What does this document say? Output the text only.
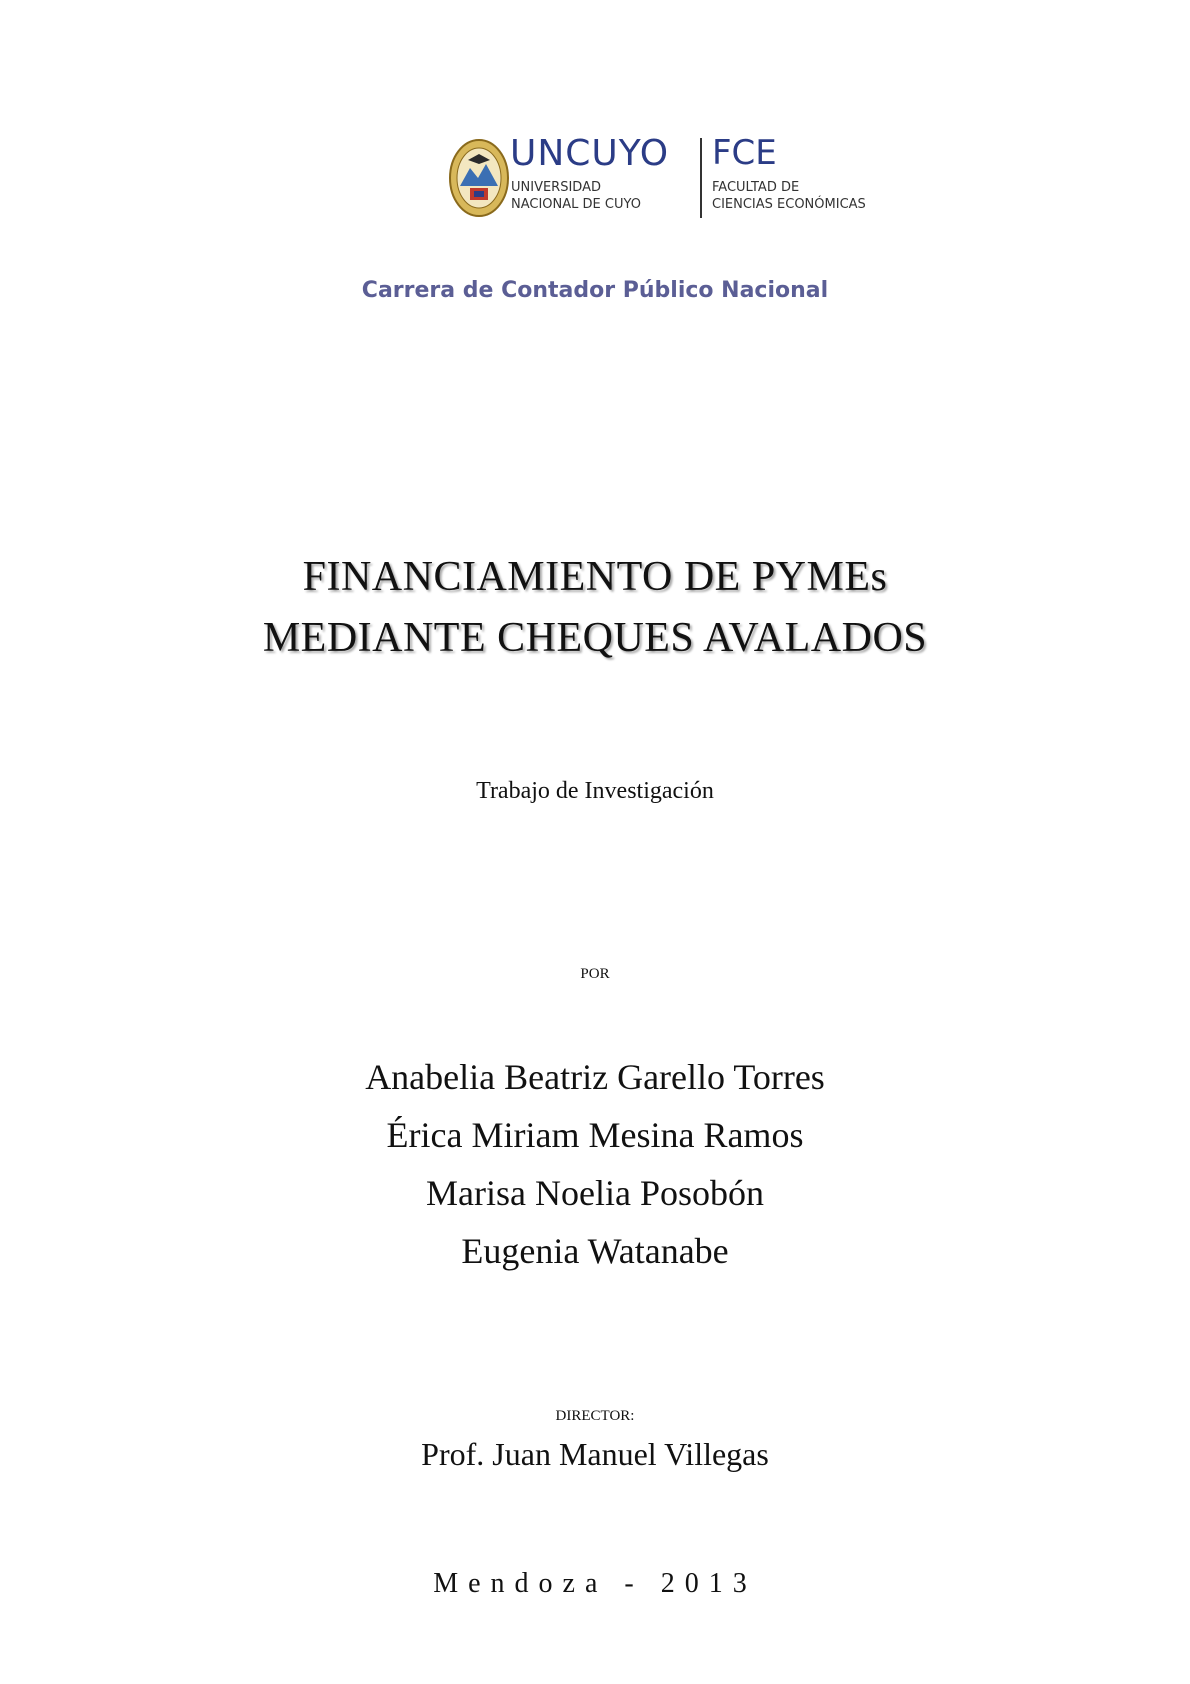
UNCUYO
UNIVERSIDAD
NACIONAL DE CUYO
FCE
FACULTAD DE
CIENCIAS ECONÓMICAS
Carrera de Contador Público Nacional
FINANCIAMIENTO DE PYMEs
MEDIANTE CHEQUES AVALADOS
Trabajo de Investigación
POR
Anabelia Beatriz Garello Torres
Érica Miriam Mesina Ramos
Marisa Noelia Posobón
Eugenia Watanabe
DIRECTOR:
Prof. Juan Manuel Villegas
Mendoza - 2013
